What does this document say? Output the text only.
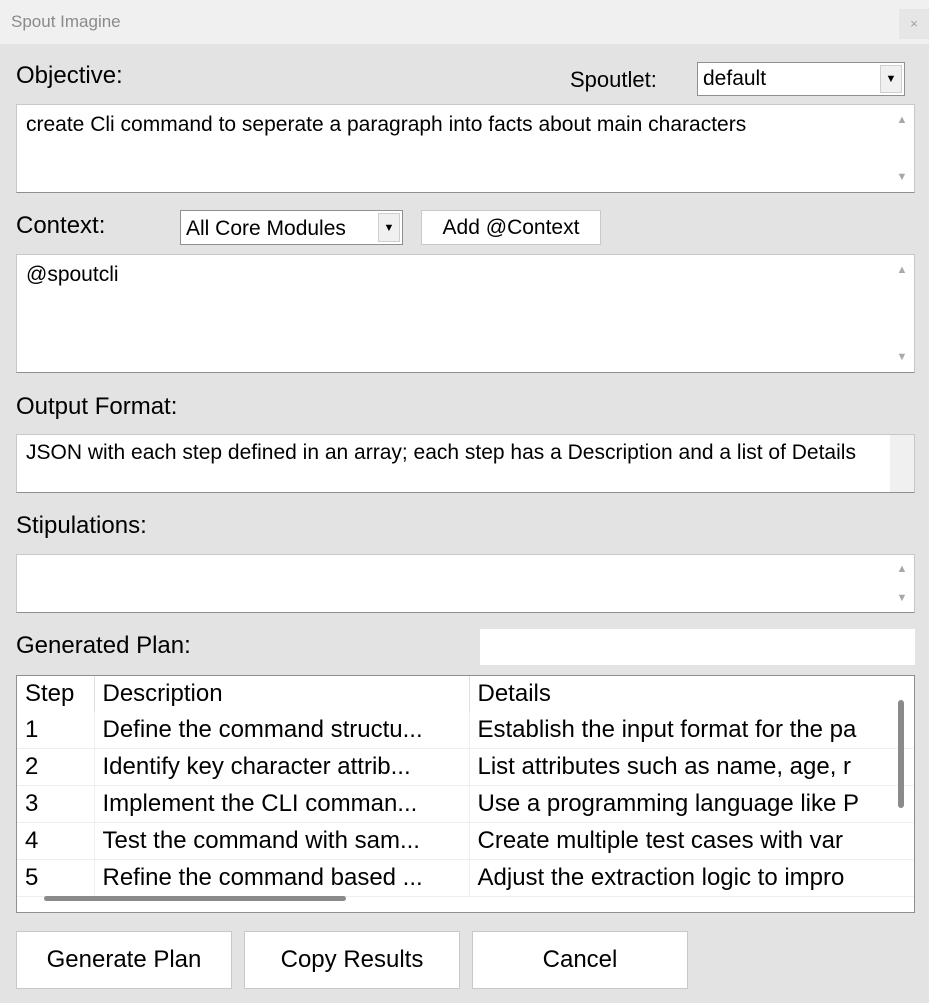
Spout Imagine	×
Objective:	Spoutlet: default	▼
create Cli command to seperate a paragraph into facts about main characters	▲
▼
Context:	All Core Modules	▼	Add @Context
@spoutcli	▲
▼
Output Format:
JSON with each step defined in an array; each step has a Description and a list of Details
Stipulations:
▲
▼
Generated Plan:
Step	Description	Details
1	Define the command structu...	Establish the input format for the pa
2	Identify key character attrib...	List attributes such as name, age, r
3	Implement the CLI comman...	Use a programming language like P
4	Test the command with sam...	Create multiple test cases with var
5	Refine the command based ...	Adjust the extraction logic to impro
Generate Plan	Copy Results	Cancel
